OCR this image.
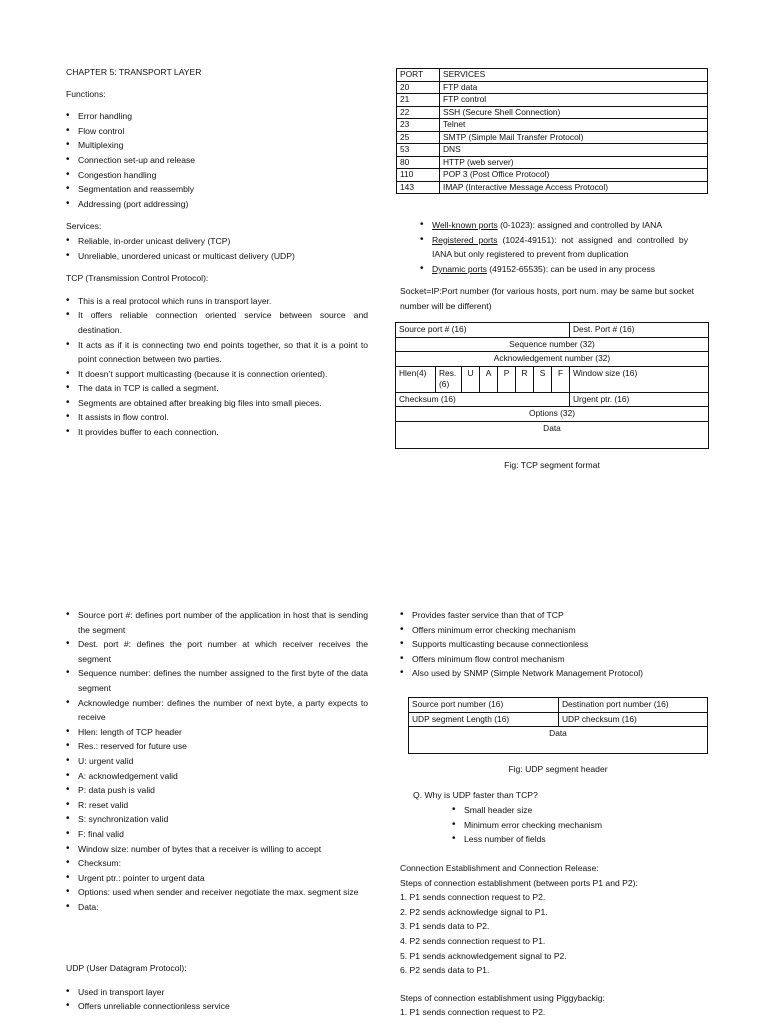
CHAPTER 5: TRANSPORT LAYER

Functions:

• Error handling
• Flow control
• Multiplexing
• Connection set-up and release
• Congestion handling
• Segmentation and reassembly
• Addressing (port addressing)

Services:

• Reliable, in-order unicast delivery (TCP)
• Unreliable, unordered unicast or multicast delivery (UDP)

TCP (Transmission Control Protocol):

• This is a real protocol which runs in transport layer.
• It offers reliable connection oriented service between source and destination.
• It acts as if it is connecting two end points together, so that it is a point to point connection between two parties.
• It doesn’t support multicasting (because it is connection oriented).
• The data in TCP is called a segment.
• Segments are obtained after breaking big files into small pieces.
• It assists in flow control.
• It provides buffer to each connection.
• Source port #: defines port number of the application in host that is sending the segment
• Dest. port #: defines the port number at which receiver receives the segment
• Sequence number: defines the number assigned to the first byte of the data segment
• Acknowledge number: defines the number of next byte, a party expects to receive
• Hlen: length of TCP header
• Res.: reserved for future use
• U: urgent valid
• A: acknowledgement valid
• P: data push is valid
• R: reset valid
• S: synchronization valid
• F: final valid
• Window size: number of bytes that a receiver is willing to accept
• Checksum:
• Urgent ptr.: pointer to urgent data
• Options: used when sender and receiver negotiate the max. segment size
• Data:

UDP (User Datagram Protocol):

• Used in transport layer
• Offers unreliable connectionless service
PORT	SERVICES
20	FTP data
21	FTP control
22	SSH (Secure Shell Connection)
23	Telnet
25	SMTP (Simple Mail Transfer Protocol)
53	DNS
80	HTTP (web server)
110	POP 3 (Post Office Protocol)
143	IMAP (Interactive Message Access Protocol)
• Well-known ports (0-1023): assigned and controlled by IANA
• Registered ports (1024-49151): not assigned and controlled by IANA but only registered to prevent from duplication
• Dynamic ports (49152-65535): can be used in any process

Socket=IP:Port number (for various hosts, port num. may be same but socket number will be different)

Source port # (16)								Dest. Port # (16)
Sequence number (32)								
Acknowledgement number (32)								
Hlen(4)	Res. (6)	U	A	P	R	S	F	Window size (16)
Checksum (16)								Urgent ptr. (16)
Options (32)								
Data								

Fig: TCP segment format

• Provides faster service than that of TCP
• Offers minimum error checking mechanism
• Supports multicasting because connectionless
• Offers minimum flow control mechanism
• Also used by SNMP (Simple Network Management Protocol)
Source port number (16)	Destination port number (16)
UDP segment Length (16)	UDP checksum (16)
Data	

Fig: UDP segment header

Q. Why is UDP faster than TCP?

• Small header size
• Minimum error checking mechanism
• Less number of fields

Connection Establishment and Connection Release:

Steps of connection establishment (between ports P1 and P2):

1. P1 sends connection request to P2.
2. P2 sends acknowledge signal to P1.
3. P1 sends data to P2.
4. P2 sends connection request to P1.
5. P1 sends acknowledgement signal to P2.
6. P2 sends data to P1.

Steps of connection establishment using Piggybackig:

1. P1 sends connection request to P2.
